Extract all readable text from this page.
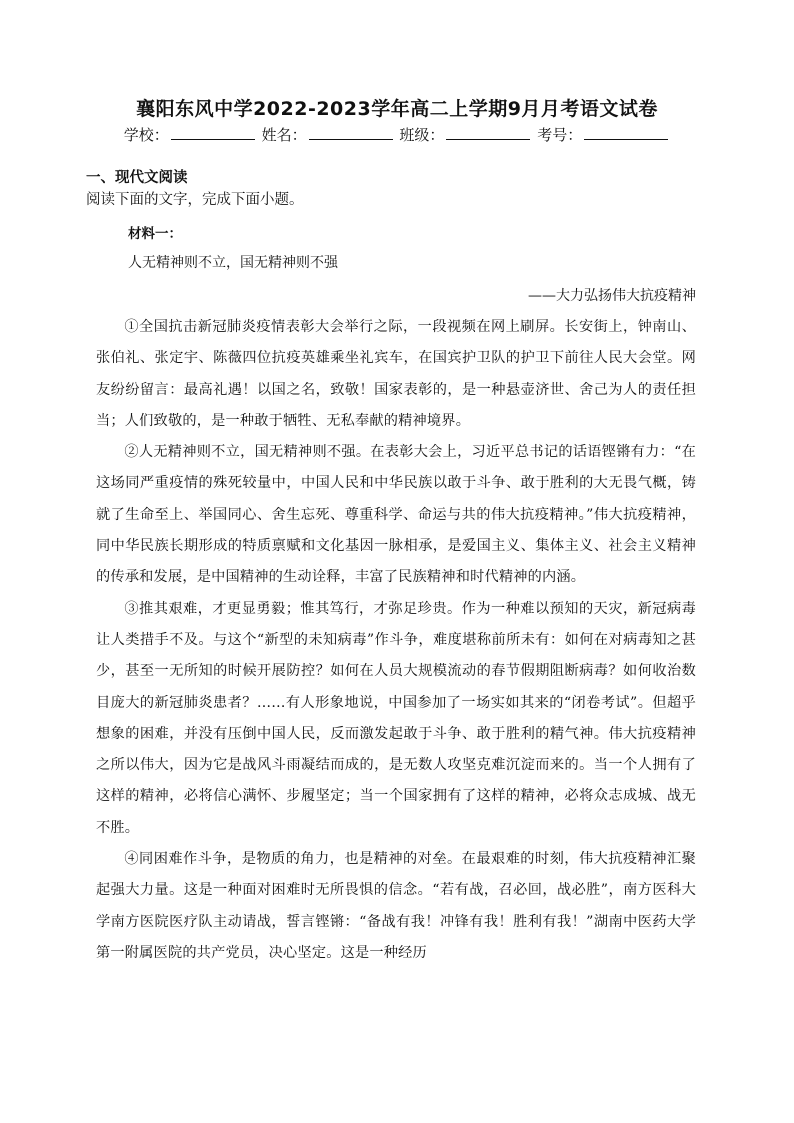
襄阳东风中学2022-2023学年高二上学期9月月考语文试卷
学校：	姓名：	班级：	考号：
一、现代文阅读
阅读下面的文字，完成下面小题。
材料一：
人无精神则不立，国无精神则不强
——大力弘扬伟大抗疫精神

①全国抗击新冠肺炎疫情表彰大会举行之际，一段视频在网上刷屏。长安街上，钟南山、张伯礼、张定宇、陈薇四位抗疫英雄乘坐礼宾车，在国宾护卫队的护卫下前往人民大会堂。网友纷纷留言：最高礼遇！以国之名，致敬！国家表彰的，是一种悬壶济世、舍己为人的责任担当；人们致敬的，是一种敢于牺牲、无私奉献的精神境界。

②人无精神则不立，国无精神则不强。在表彰大会上，习近平总书记的话语铿锵有力：“在这场同严重疫情的殊死较量中，中国人民和中华民族以敢于斗争、敢于胜利的大无畏气概，铸就了生命至上、举国同心、舍生忘死、尊重科学、命运与共的伟大抗疫精神。”伟大抗疫精神，同中华民族长期形成的特质禀赋和文化基因一脉相承，是爱国主义、集体主义、社会主义精神的传承和发展，是中国精神的生动诠释，丰富了民族精神和时代精神的内涵。

③推其艰难，才更显勇毅；惟其笃行，才弥足珍贵。作为一种难以预知的天灾，新冠病毒让人类措手不及。与这个“新型的未知病毒”作斗争，难度堪称前所未有：如何在对病毒知之甚少，甚至一无所知的时候开展防控？如何在人员大规模流动的春节假期阻断病毒？如何收治数目庞大的新冠肺炎患者？……有人形象地说，中国参加了一场实如其来的“闭卷考试”。但超乎想象的困难，并没有压倒中国人民，反而激发起敢于斗争、敢于胜利的精气神。伟大抗疫精神之所以伟大，因为它是战风斗雨凝结而成的，是无数人攻坚克难沉淀而来的。当一个人拥有了这样的精神，必将信心满怀、步履坚定；当一个国家拥有了这样的精神，必将众志成城、战无不胜。

④同困难作斗争，是物质的角力，也是精神的对垒。在最艰难的时刻，伟大抗疫精神汇聚起强大力量。这是一种面对困难时无所畏惧的信念。“若有战，召必回，战必胜”，南方医科大学南方医院医疗队主动请战，誓言铿锵：“备战有我！冲锋有我！胜利有我！”湖南中医药大学第一附属医院的共产党员，决心坚定。这是一种经历
